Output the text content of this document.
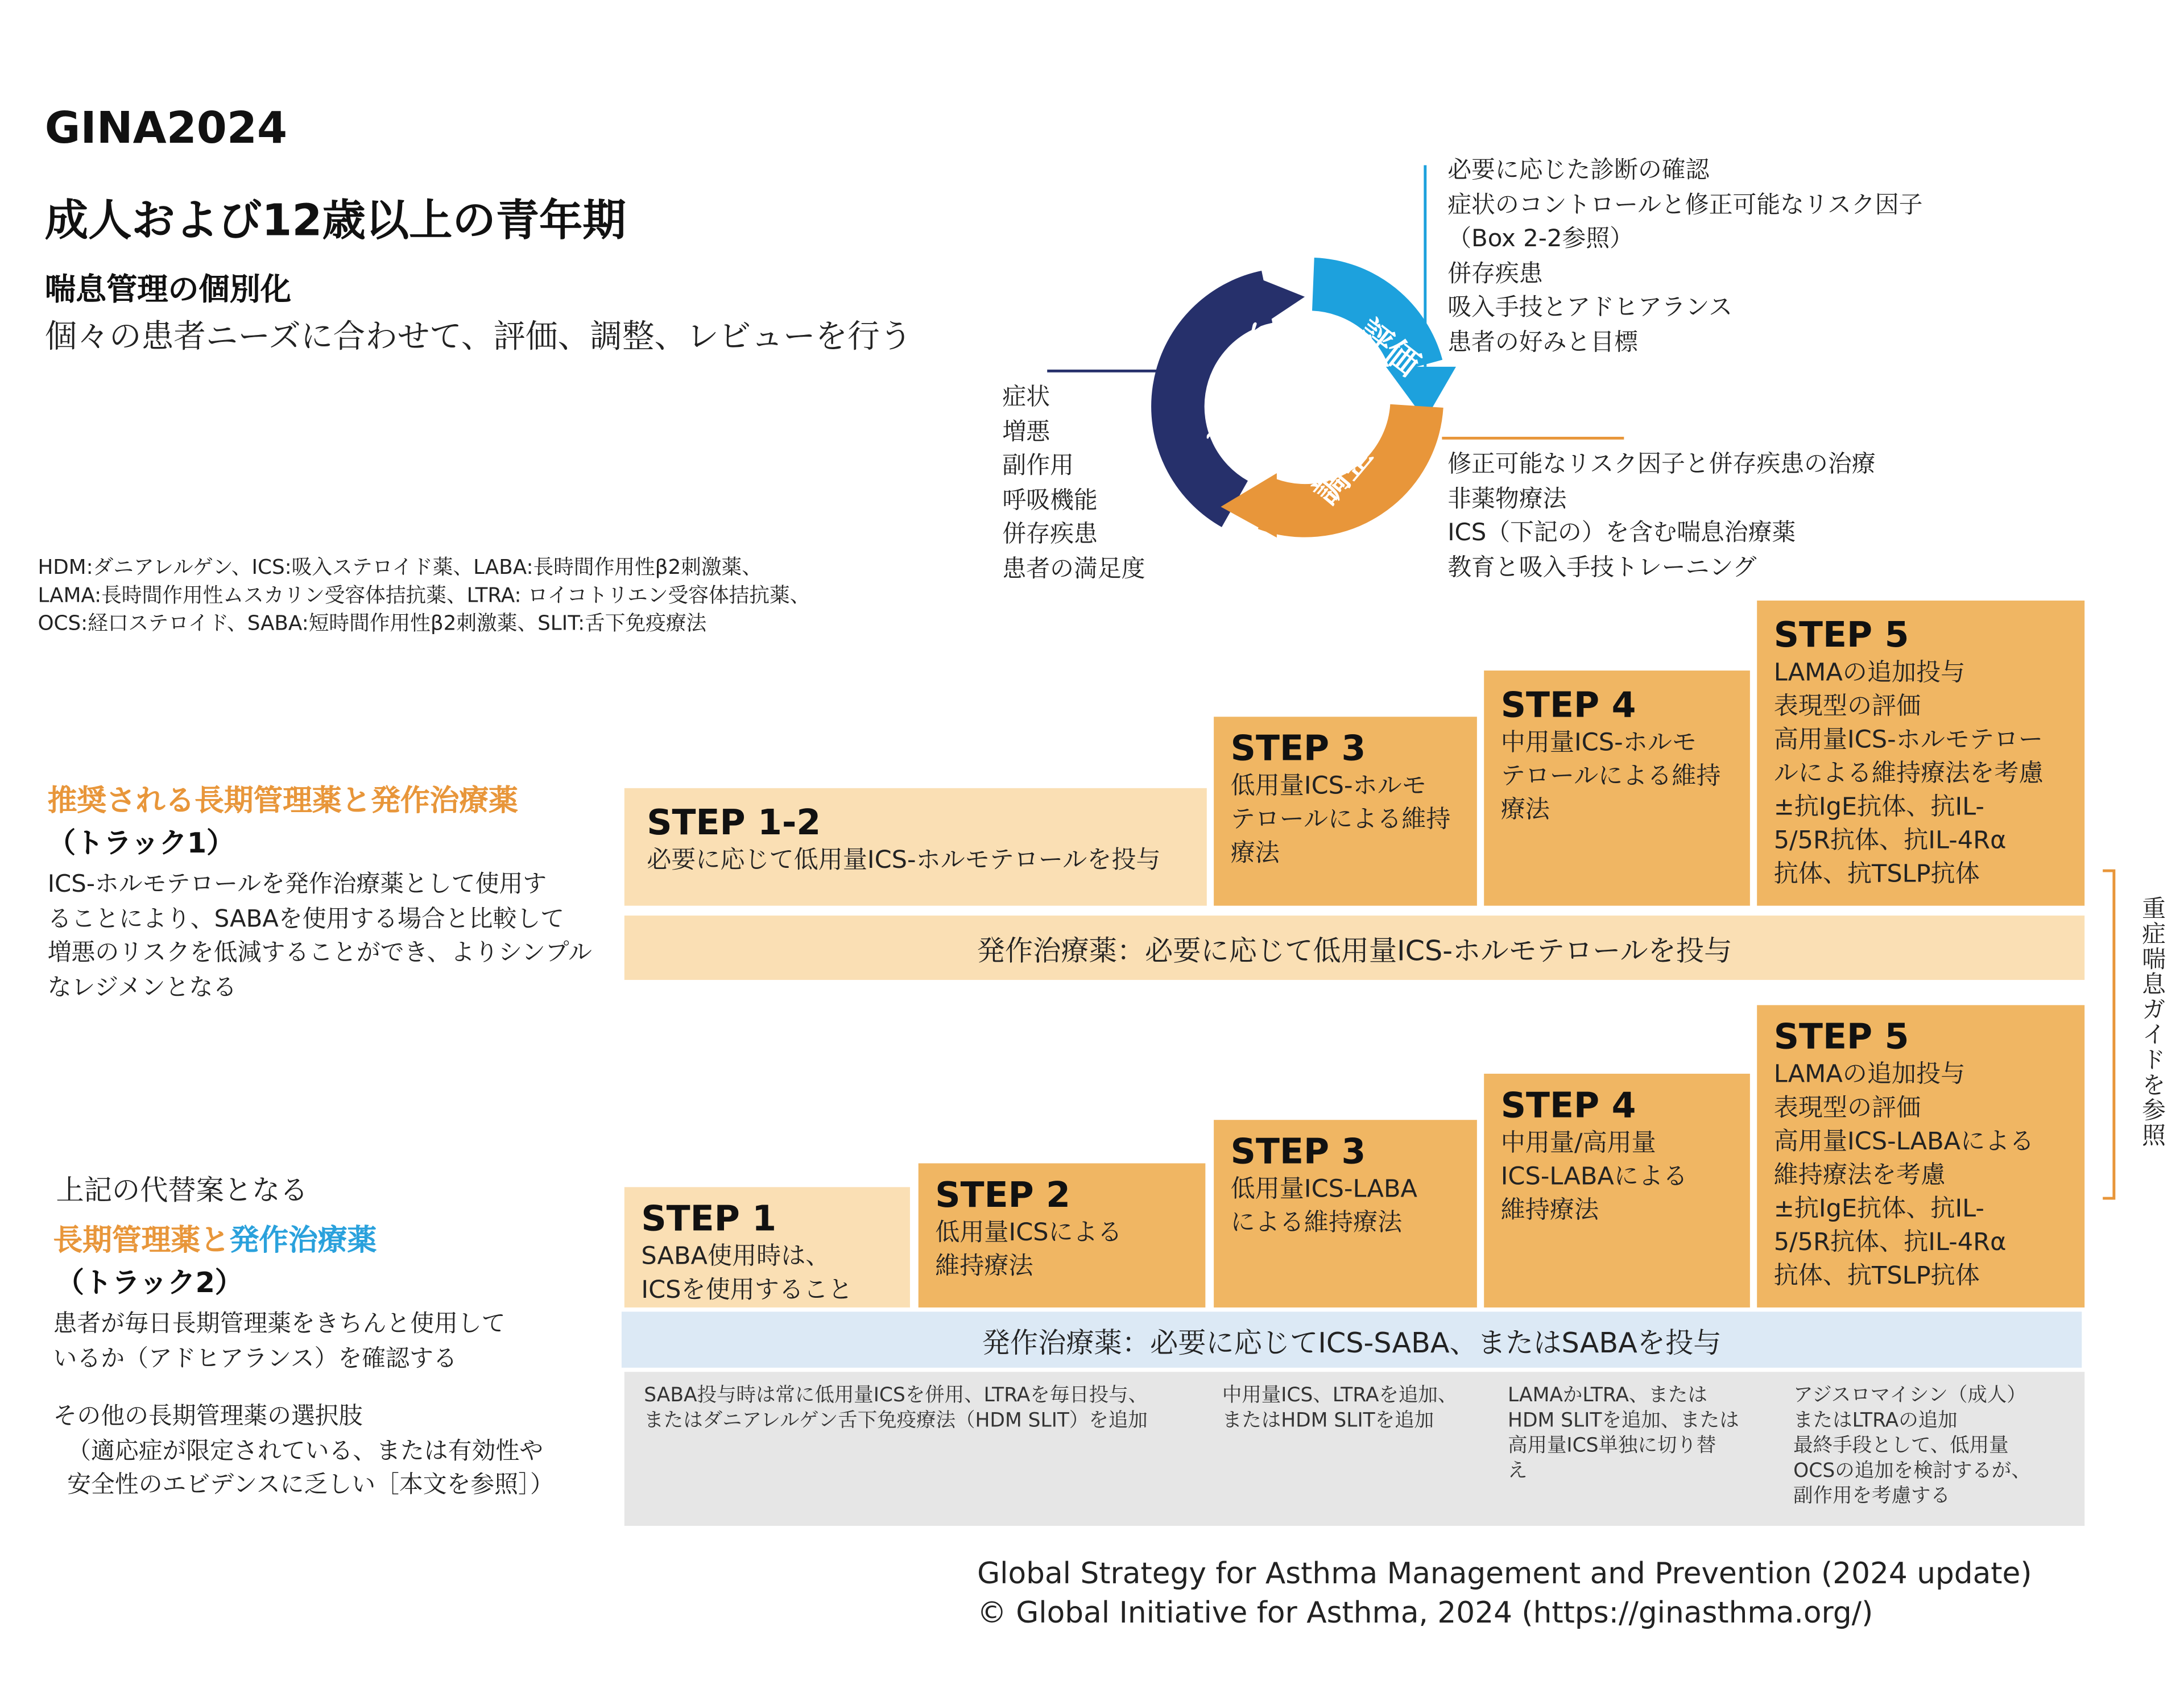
GINA2024
成人および12歳以上の青年期
喘息管理の個別化
個々の患者ニーズに合わせて、評価、調整、レビューを行う	評価
調整
レビュー
必要に応じた診断の確認
症状のコントロールと修正可能なリスク因子
（Box 2-2参照）
併存疾患
吸入手技とアドヒアランス
患者の好みと目標
修正可能なリスク因子と併存疾患の治療
非薬物療法
ICS（下記の）を含む喘息治療薬
教育と吸入手技トレーニング
症状
増悪
副作用
呼吸機能
併存疾患
患者の満足度
HDM:ダニアレルゲン、ICS:吸入ステロイド薬、LABA:長時間作用性β2刺激薬、
LAMA:長時間作用性ムスカリン受容体拮抗薬、LTRA: ロイコトリエン受容体拮抗薬、
OCS:経口ステロイド、SABA:短時間作用性β2刺激薬、SLIT:舌下免疫療法
推奨される長期管理薬と発作治療薬
（トラック1）
ICS-ホルモテロールを発作治療薬として使用す
ることにより、SABAを使用する場合と比較して
増悪のリスクを低減することができ、よりシンプル
なレジメンとなる
STEP 1-2
必要に応じて低用量ICS-ホルモテロールを投与
STEP 3
低用量ICS-ホルモ
テロールによる維持
療法
STEP 4
中用量ICS-ホルモ
テロールによる維持
療法
STEP 5
LAMAの追加投与
表現型の評価
高用量ICS-ホルモテロー
ルによる維持療法を考慮
±抗IgE抗体、抗IL-
5/5R抗体、抗IL-4Rα
抗体、抗TSLP抗体
発作治療薬：必要に応じて低用量ICS-ホルモテロールを投与	重症喘息ガイドを参照
上記の代替案となる
長期管理薬と発作治療薬
（トラック2）
患者が毎日長期管理薬をきちんと使用して
いるか（アドヒアランス）を確認する
その他の長期管理薬の選択肢
（適応症が限定されている、または有効性や
安全性のエビデンスに乏しい［本文を参照］）
STEP 1
SABA使用時は、
ICSを使用すること
STEP 2
低用量ICSによる
維持療法
STEP 3
低用量ICS-LABA
による維持療法
STEP 4
中用量/高用量
ICS-LABAによる
維持療法
STEP 5
LAMAの追加投与
表現型の評価
高用量ICS-LABAによる
維持療法を考慮
±抗IgE抗体、抗IL-
5/5R抗体、抗IL-4Rα
抗体、抗TSLP抗体
発作治療薬：必要に応じてICS-SABA、またはSABAを投与
SABA投与時は常に低用量ICSを併用、LTRAを毎日投与、
またはダニアレルゲン舌下免疫療法（HDM SLIT）を追加
中用量ICS、LTRAを追加、
またはHDM SLITを追加
LAMAかLTRA、または
HDM SLITを追加、または
高用量ICS単独に切り替
え
アジスロマイシン（成人）
またはLTRAの追加
最終手段として、低用量
OCSの追加を検討するが、
副作用を考慮する
Global Strategy for Asthma Management and Prevention (2024 update)
© Global Initiative for Asthma, 2024 (https://ginasthma.org/)
